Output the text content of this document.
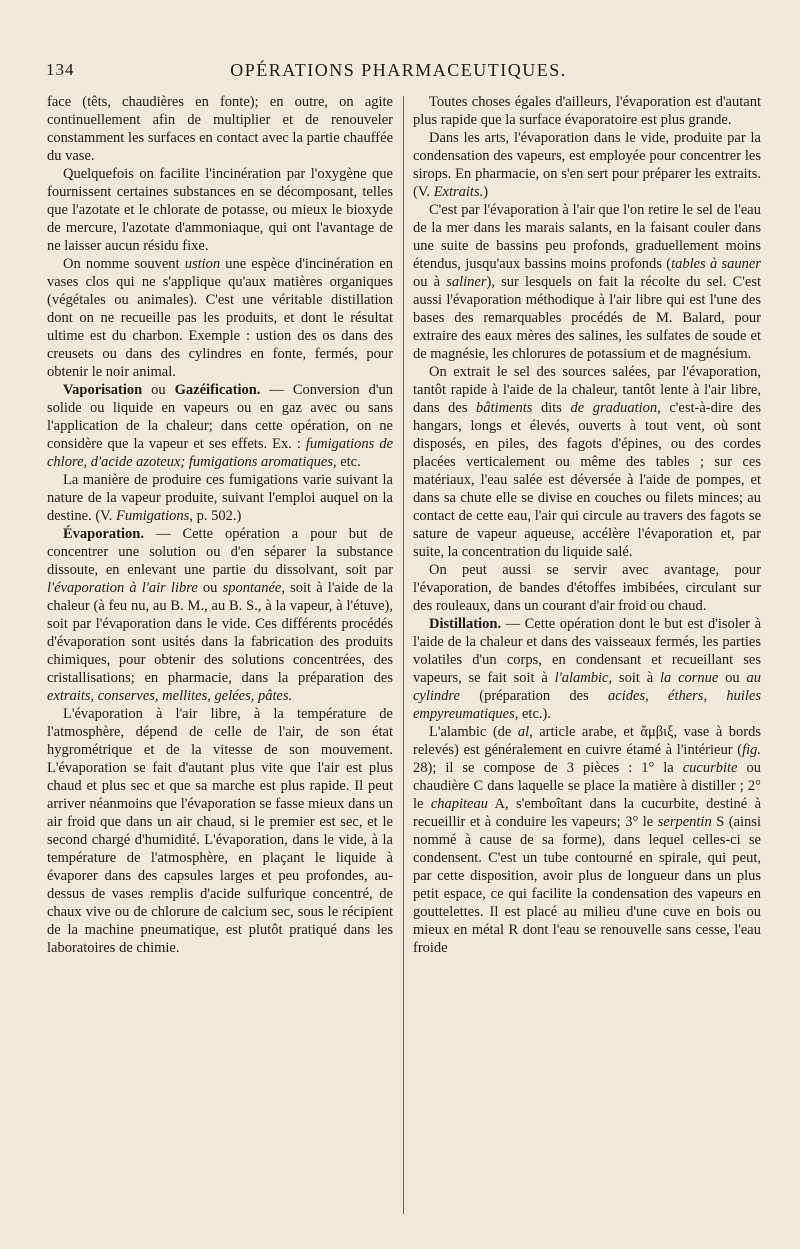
134	OPÉRATIONS PHARMACEUTIQUES.

face (têts, chaudières en fonte); en outre, on agite continuellement afin de multiplier et de renouveler constamment les surfaces en contact avec la partie chauffée du vase.

Quelquefois on facilite l'incinération par l'oxygène que fournissent certaines substances en se décomposant, telles que l'azotate et le chlorate de potasse, ou mieux le bioxyde de mercure, l'azotate d'ammoniaque, qui ont l'avantage de ne laisser aucun résidu fixe.

On nomme souvent ustion une espèce d'incinération en vases clos qui ne s'applique qu'aux matières organiques (végétales ou animales). C'est une véritable distillation dont on ne recueille pas les produits, et dont le résultat ultime est du charbon. Exemple : ustion des os dans des creusets ou dans des cylindres en fonte, fermés, pour obtenir le noir animal.

Vaporisation ou Gazéification. — Conversion d'un solide ou liquide en vapeurs ou en gaz avec ou sans l'application de la chaleur; dans cette opération, on ne considère que la vapeur et ses effets. Ex. : fumigations de chlore, d'acide azoteux; fumigations aromatiques, etc.

La manière de produire ces fumigations varie suivant la nature de la vapeur produite, suivant l'emploi auquel on la destine. (V. Fumigations, p. 502.)

Évaporation. — Cette opération a pour but de concentrer une solution ou d'en séparer la substance dissoute, en enlevant une partie du dissolvant, soit par l'évaporation à l'air libre ou spontanée, soit à l'aide de la chaleur (à feu nu, au B. M., au B. S., à la vapeur, à l'étuve), soit par l'évaporation dans le vide. Ces différents procédés d'évaporation sont usités dans la fabrication des produits chimiques, pour obtenir des solutions concentrées, des cristallisations; en pharmacie, dans la préparation des extraits, conserves, mellites, gelées, pâtes.

L'évaporation à l'air libre, à la température de l'atmosphère, dépend de celle de l'air, de son état hygrométrique et de la vitesse de son mouvement. L'évaporation se fait d'autant plus vite que l'air est plus chaud et plus sec et que sa marche est plus rapide. Il peut arriver néanmoins que l'évaporation se fasse mieux dans un air froid que dans un air chaud, si le premier est sec, et le second chargé d'humidité. L'évaporation, dans le vide, à la température de l'atmosphère, en plaçant le liquide à évaporer dans des capsules larges et peu profondes, au-dessus de vases remplis d'acide sulfurique concentré, de chaux vive ou de chlorure de calcium sec, sous le récipient de la machine pneumatique, est plutôt pratiqué dans les laboratoires de chimie.

Toutes choses égales d'ailleurs, l'évaporation est d'autant plus rapide que la surface évaporatoire est plus grande.

Dans les arts, l'évaporation dans le vide, produite par la condensation des vapeurs, est employée pour concentrer les sirops. En pharmacie, on s'en sert pour préparer les extraits. (V. Extraits.)

C'est par l'évaporation à l'air que l'on retire le sel de l'eau de la mer dans les marais salants, en la faisant couler dans une suite de bassins peu profonds, graduellement moins étendus, jusqu'aux bassins moins profonds (tables à sauner ou à saliner), sur lesquels on fait la récolte du sel. C'est aussi l'évaporation méthodique à l'air libre qui est l'une des bases des remarquables procédés de M. Balard, pour extraire des eaux mères des salines, les sulfates de soude et de magnésie, les chlorures de potassium et de magnésium.

On extrait le sel des sources salées, par l'évaporation, tantôt rapide à l'aide de la chaleur, tantôt lente à l'air libre, dans des bâtiments dits de graduation, c'est-à-dire des hangars, longs et élevés, ouverts à tout vent, où sont disposés, en piles, des fagots d'épines, ou des cordes placées verticalement ou même des tables ; sur ces matériaux, l'eau salée est déversée à l'aide de pompes, et dans sa chute elle se divise en couches ou filets minces; au contact de cette eau, l'air qui circule au travers des fagots se sature de vapeur aqueuse, accélère l'évaporation et, par suite, la concentration du liquide salé.

On peut aussi se servir avec avantage, pour l'évaporation, de bandes d'étoffes imbibées, circulant sur des rouleaux, dans un courant d'air froid ou chaud.

Distillation. — Cette opération dont le but est d'isoler à l'aide de la chaleur et dans des vaisseaux fermés, les parties volatiles d'un corps, en condensant et recueillant ses vapeurs, se fait soit à l'alambic, soit à la cornue ou au cylindre (préparation des acides, éthers, huiles empyreumatiques, etc.).

L'alambic (de al, article arabe, et ἄμβιξ, vase à bords relevés) est généralement en cuivre étamé à l'intérieur (fig. 28); il se compose de 3 pièces : 1° la cucurbite ou chaudière C dans laquelle se place la matière à distiller ; 2° le chapiteau A, s'emboîtant dans la cucurbite, destiné à recueillir et à conduire les vapeurs; 3° le serpentin S (ainsi nommé à cause de sa forme), dans lequel celles-ci se condensent. C'est un tube contourné en spirale, qui peut, par cette disposition, avoir plus de longueur dans un plus petit espace, ce qui facilite la condensation des vapeurs en gouttelettes. Il est placé au milieu d'une cuve en bois ou mieux en métal R dont l'eau se renouvelle sans cesse, l'eau froide
